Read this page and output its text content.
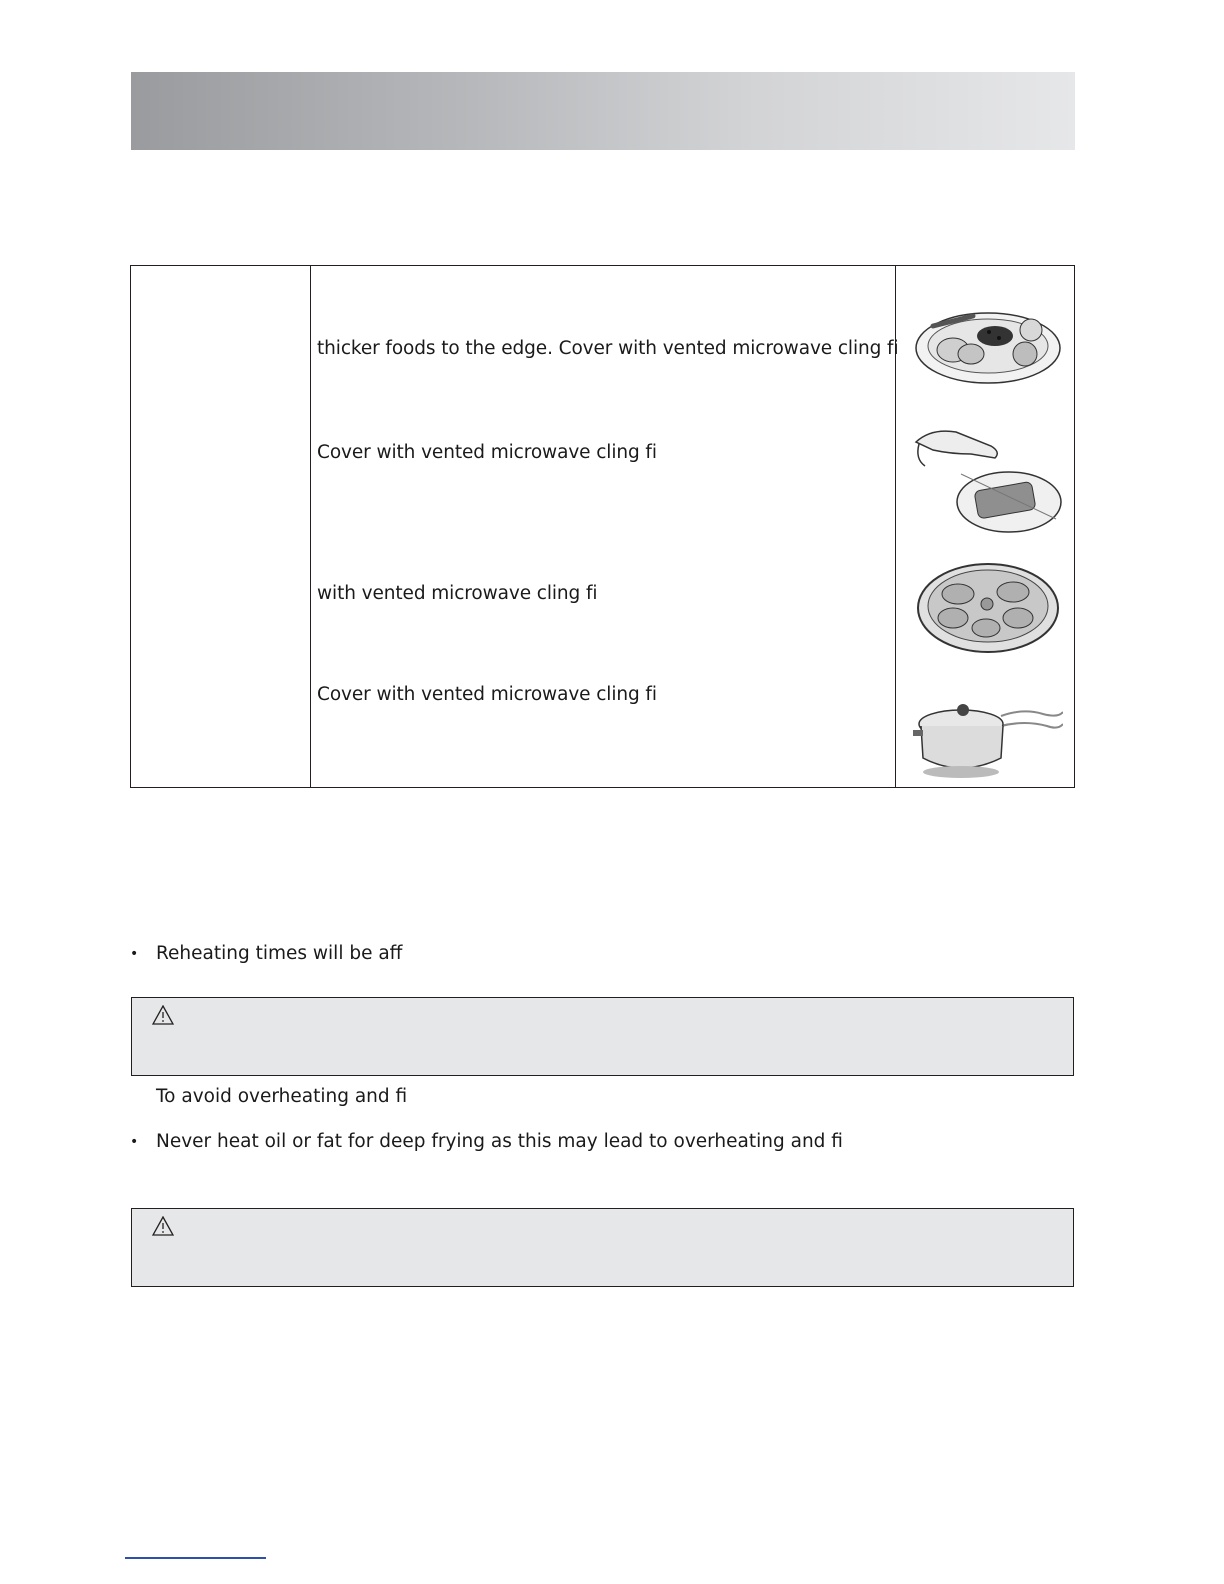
thicker foods to the edge. Cover with vented microwave cling fi
Cover with vented microwave cling fi
with vented microwave cling fi
Cover with vented microwave cling fi
• Reheating times will be aff
To avoid overheating and fi
• Never heat oil or fat for deep frying as this may lead to overheating and fi
